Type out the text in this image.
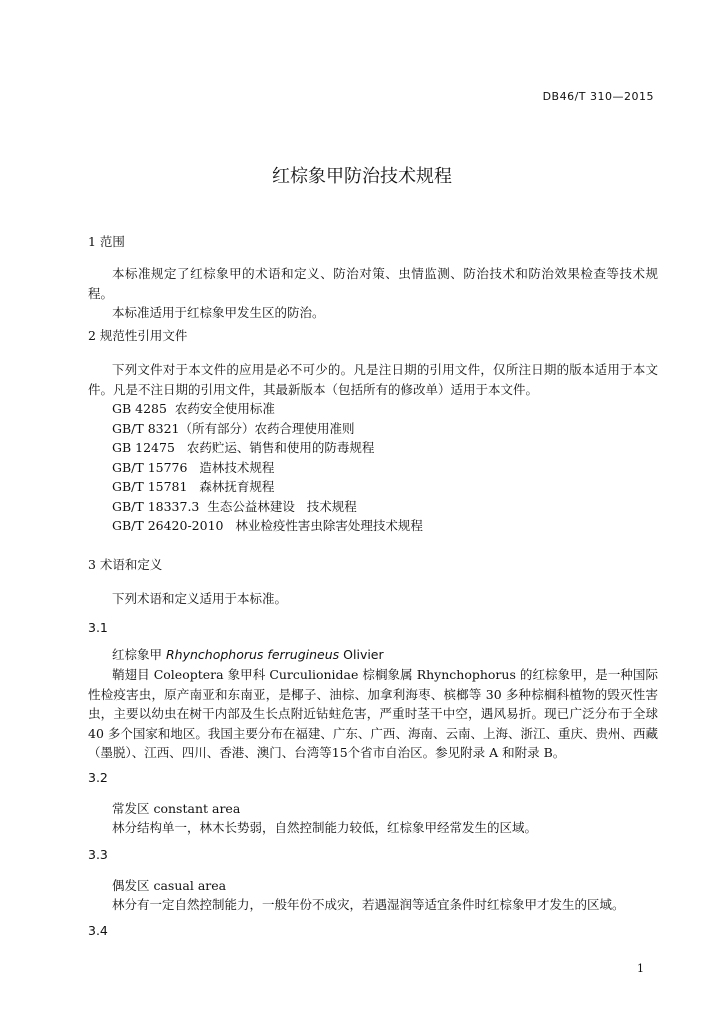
DB46/T 310—2015
红棕象甲防治技术规程
1 范围

本标准规定了红棕象甲的术语和定义、防治对策、虫情监测、防治技术和防治效果检查等技术规程。

本标准适用于红棕象甲发生区的防治。

2 规范性引用文件

下列文件对于本文件的应用是必不可少的。凡是注日期的引用文件，仅所注日期的版本适用于本文件。凡是不注日期的引用文件，其最新版本（包括所有的修改单）适用于本文件。

GB 4285  农药安全使用标准
GB/T 8321（所有部分）农药合理使用准则
GB 12475   农药贮运、销售和使用的防毒规程
GB/T 15776   造林技术规程
GB/T 15781   森林抚育规程
GB/T 18337.3  生态公益林建设   技术规程
GB/T 26420-2010   林业检疫性害虫除害处理技术规程
3 术语和定义

下列术语和定义适用于本标准。

3.1
红棕象甲 Rhynchophorus ferrugineus Olivier

鞘翅目 Coleoptera 象甲科 Curculionidae 棕榈象属 Rhynchophorus 的红棕象甲，是一种国际性检疫害虫，原产南亚和东南亚，是椰子、油棕、加拿利海枣、槟榔等 30 多种棕榈科植物的毁灭性害虫，主要以幼虫在树干内部及生长点附近钻蛀危害，严重时茎干中空，遇风易折。现已广泛分布于全球40 多个国家和地区。我国主要分布在福建、广东、广西、海南、云南、上海、浙江、重庆、贵州、西藏（墨脱）、江西、四川、香港、澳门、台湾等15个省市自治区。参见附录 A 和附录 B。

3.2
常发区 constant area

林分结构单一，林木长势弱，自然控制能力较低，红棕象甲经常发生的区域。

3.3
偶发区 casual area

林分有一定自然控制能力，一般年份不成灾，若遇湿润等适宜条件时红棕象甲才发生的区域。

3.4
1
